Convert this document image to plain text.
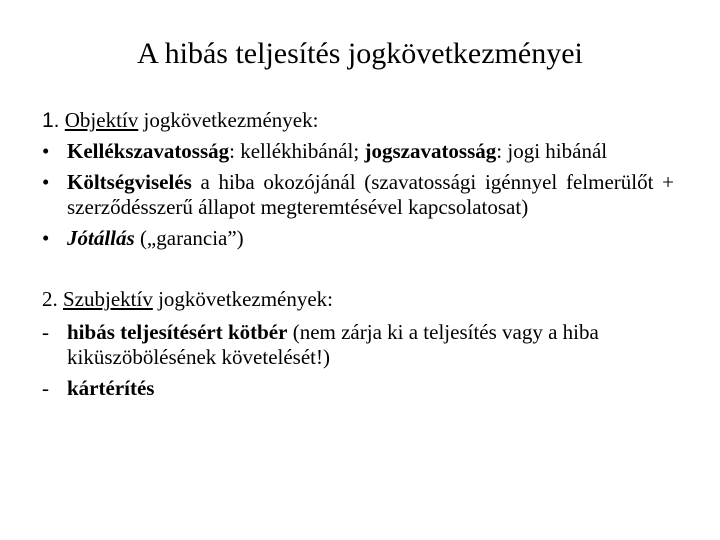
A hibás teljesítés jogkövetkezményei

1. Objektív jogkövetkezmények:

• Kellékszavatosság: kellékhibánál; jogszavatosság: jogi hibánál
• Költségviselés a hiba okozójánál (szavatossági igénnyel felmerülőt + szerződésszerű állapot megteremtésével kapcsolatosat)
• Jótállás („garancia”)

2. Szubjektív jogkövetkezmények:

- hibás teljesítésért kötbér (nem zárja ki a teljesítés vagy a hiba kiküszöbölésének követelését!)
- kártérítés
